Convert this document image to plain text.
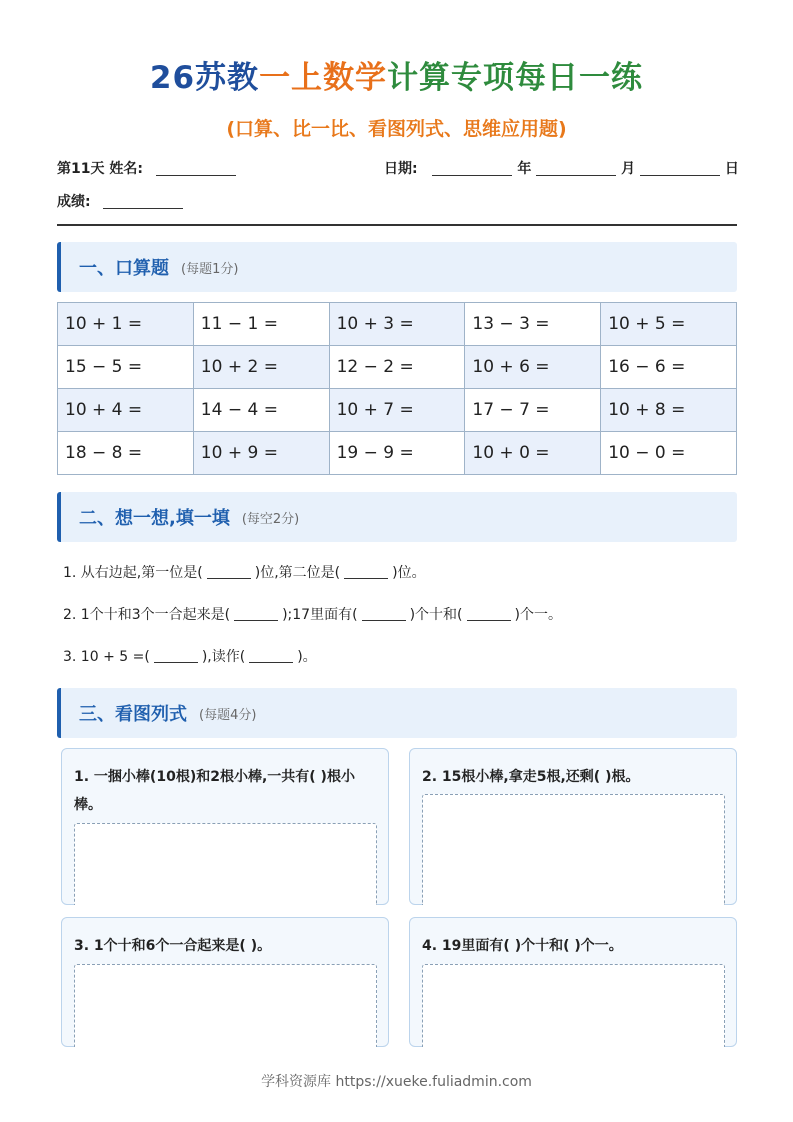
26苏教一上数学计算专项每日一练
(口算、比一比、看图列式、思维应用题)
第11天 姓名:	日期:	年	月	日
成绩:
一、口算题 (每题1分)
10 + 1 =	11 − 1 =	10 + 3 =	13 − 3 =	10 + 5 =
15 − 5 =	10 + 2 =	12 − 2 =	10 + 6 =	16 − 6 =
10 + 4 =	14 − 4 =	10 + 7 =	17 − 7 =	10 + 8 =
18 − 8 =	10 + 9 =	19 − 9 =	10 + 0 =	10 − 0 =
二、想一想,填一填 (每空2分)
1. 从右边起,第一位是(	)位,第二位是(	)位。
2. 1个十和3个一合起来是(	);17里面有(	)个十和(	)个一。
3. 10 + 5 =(	),读作(	)。
三、看图列式 (每题4分)
1. 一捆小棒(10根)和2根小棒,一共有( )根小棒。
2. 15根小棒,拿走5根,还剩( )根。
3. 1个十和6个一合起来是( )。	4. 19里面有( )个十和( )个一。
学科资源库 https://xueke.fuliadmin.com
